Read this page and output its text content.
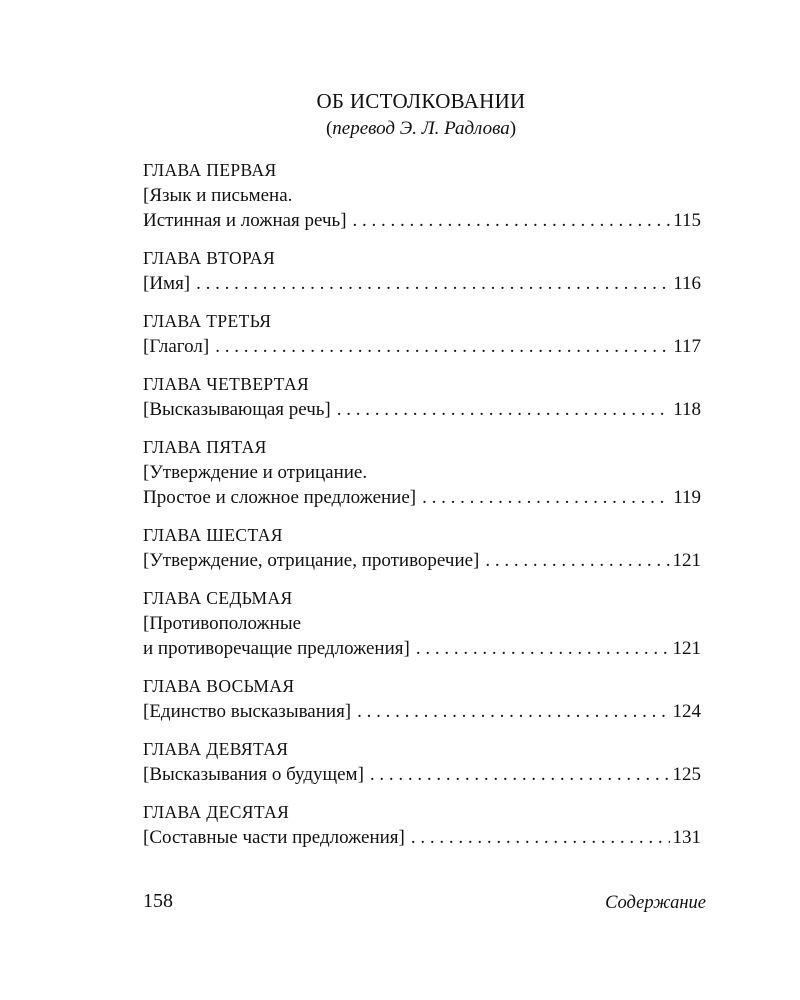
ОБ ИСТОЛКОВАНИИ
(перевод Э. Л. Радлова)
ГЛАВА ПЕРВАЯ
[Язык и письмена.
Истинная и ложная речь] . . .	115
ГЛАВА ВТОРАЯ
[Имя] . . .	116
ГЛАВА ТРЕТЬЯ
[Глагол] . . .	117
ГЛАВА ЧЕТВЕРТАЯ
[Высказывающая речь] . . .	118
ГЛАВА ПЯТАЯ
[Утверждение и отрицание.
Простое и сложное предложение] . . .	119
ГЛАВА ШЕСТАЯ
[Утверждение, отрицание, противоречие] . . .	121
ГЛАВА СЕДЬМАЯ
[Противоположные
и противоречащие предложения] . . .	121
ГЛАВА ВОСЬМАЯ
[Единство высказывания] . . .	124
ГЛАВА ДЕВЯТАЯ
[Высказывания о будущем] . . .	125
ГЛАВА ДЕСЯТАЯ
[Составные части предложения] . . .	131
158	Содержание
